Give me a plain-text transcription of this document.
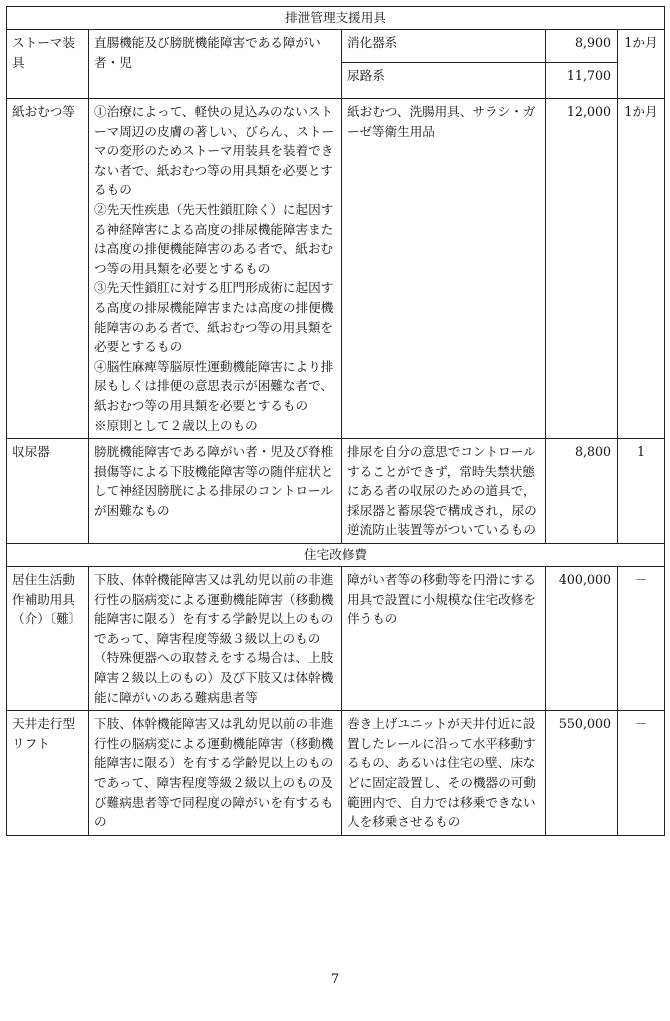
排泄管理支援用具				
ストーマ装具	直腸機能及び膀胱機能障害である障がい者・児	消化器系	8,900	1か月
		尿路系	11,700	
紙おむつ等	①治療によって、軽快の見込みのないストーマ周辺の皮膚の著しい、びらん、ストーマの変形のためストーマ用装具を装着できない者で、紙おむつ等の用具類を必要とするもの
②先天性疾患（先天性鎖肛除く）に起因する神経障害による高度の排尿機能障害または高度の排便機能障害のある者で、紙おむつ等の用具類を必要とするもの
③先天性鎖肛に対する肛門形成術に起因する高度の排尿機能障害または高度の排便機能障害のある者で、紙おむつ等の用具類を必要とするもの
④脳性麻痺等脳原性運動機能障害により排尿もしくは排便の意思表示が困難な者で、紙おむつ等の用具類を必要とするもの
※原則として２歳以上のもの	紙おむつ、洗腸用具、サラシ・ガーゼ等衛生用品	12,000	1か月
収尿器	膀胱機能障害である障がい者・児及び脊椎損傷等による下肢機能障害等の随伴症状として神経因膀胱による排尿のコントロールが困難なもの	排尿を自分の意思でコントロールすることができず，常時失禁状態にある者の収尿のための道具で，採尿器と蓄尿袋で構成され，尿の逆流防止装置等がついているもの	8,800	1
住宅改修費				
居住生活動作補助用具（介）〔難〕	下肢、体幹機能障害又は乳幼児以前の非進行性の脳病変による運動機能障害（移動機能障害に限る）を有する学齢児以上のものであって、障害程度等級３級以上のもの（特殊便器への取替えをする場合は、上肢障害２級以上のもの）及び下肢又は体幹機能に障がいのある難病患者等	障がい者等の移動等を円滑にする用具で設置に小規模な住宅改修を伴うもの	400,000	－
天井走行型リフト	下肢、体幹機能障害又は乳幼児以前の非進行性の脳病変による運動機能障害（移動機能障害に限る）を有する学齢児以上のものであって、障害程度等級２級以上のもの及び難病患者等で同程度の障がいを有するもの	巻き上げユニットが天井付近に設置したレールに沿って水平移動するもの、あるいは住宅の壁、床などに固定設置し、その機器の可動範囲内で、自力では移乗できない人を移乗させるもの	550,000	－
7
